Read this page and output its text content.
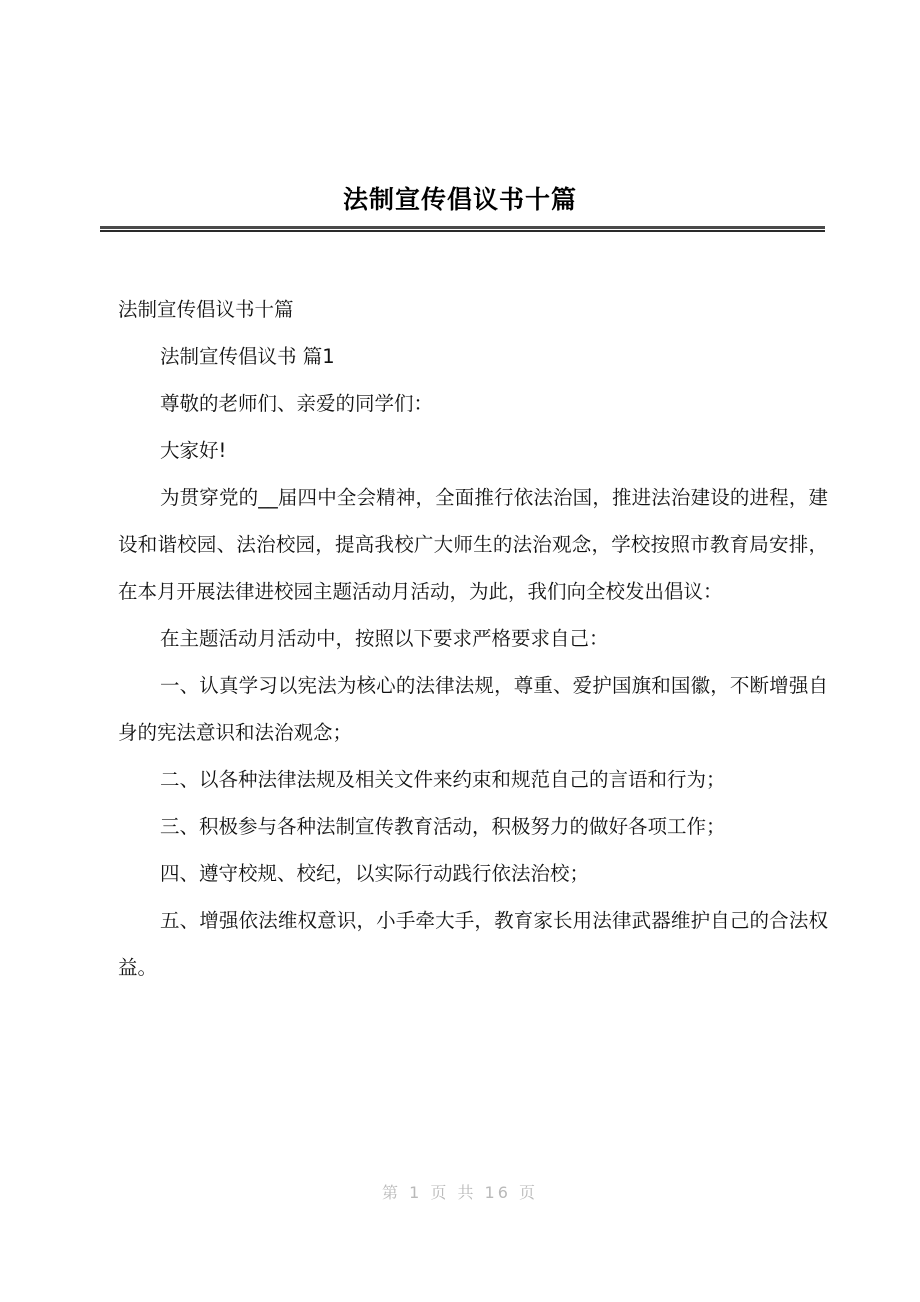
法制宣传倡议书十篇

法制宣传倡议书十篇

法制宣传倡议书 篇1

尊敬的老师们、亲爱的同学们：

大家好!

为贯穿党的__届四中全会精神，全面推行依法治国，推进法治建设的进程，建设和谐校园、法治校园，提高我校广大师生的法治观念，学校按照市教育局安排，在本月开展法律进校园主题活动月活动，为此，我们向全校发出倡议：

在主题活动月活动中，按照以下要求严格要求自己：

一、认真学习以宪法为核心的法律法规，尊重、爱护国旗和国徽，不断增强自身的宪法意识和法治观念；

二、以各种法律法规及相关文件来约束和规范自己的言语和行为；

三、积极参与各种法制宣传教育活动，积极努力的做好各项工作；

四、遵守校规、校纪，以实际行动践行依法治校；

五、增强依法维权意识，小手牵大手，教育家长用法律武器维护自己的合法权益。

第 1 页 共 16 页
